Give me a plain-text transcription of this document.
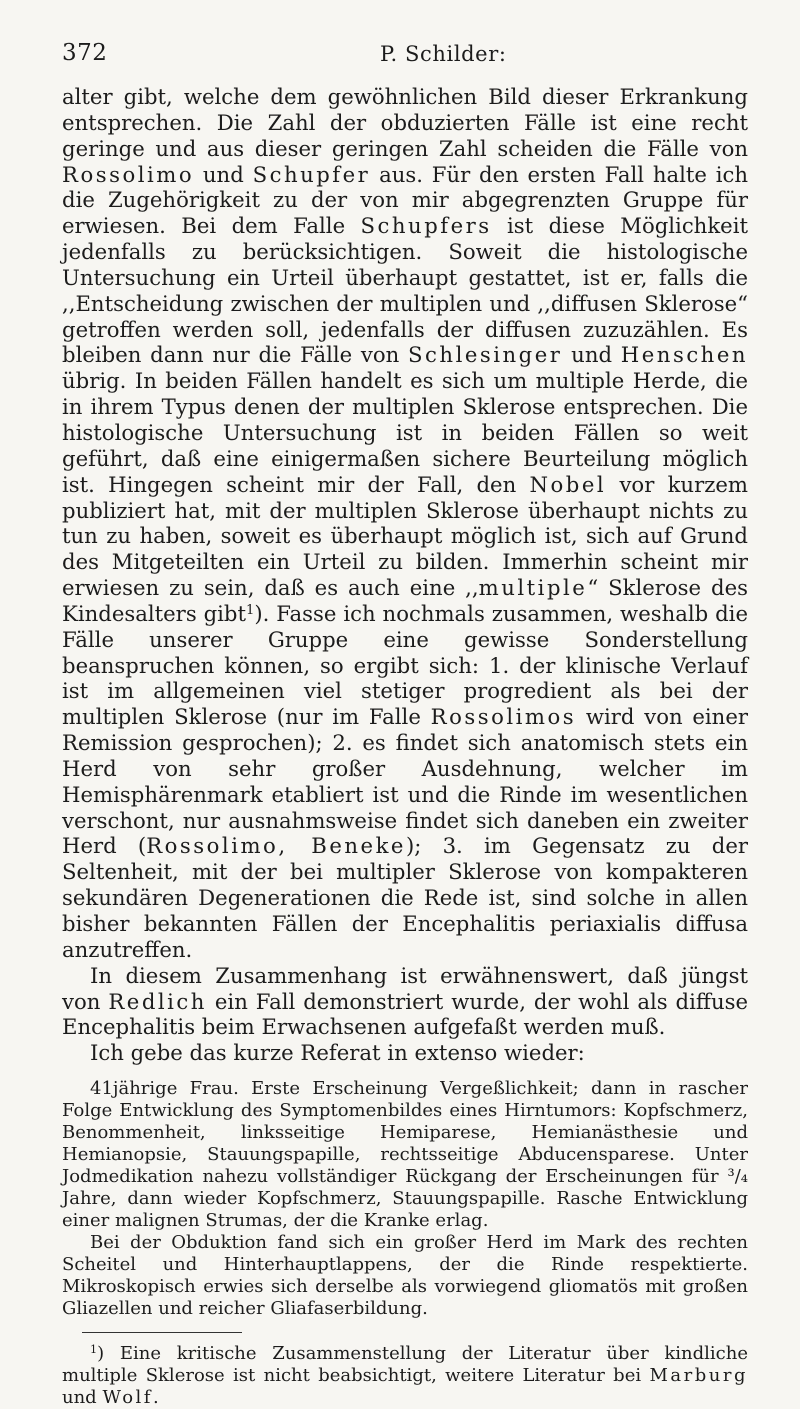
372	P. Schilder:

alter gibt, welche dem gewöhnlichen Bild dieser Erkrankung entsprechen. Die Zahl der obduzierten Fälle ist eine recht geringe und aus dieser geringen Zahl scheiden die Fälle von Rossolimo und Schupfer aus. Für den ersten Fall halte ich die Zugehörigkeit zu der von mir abgegrenzten Gruppe für erwiesen. Bei dem Falle Schupfers ist diese Möglichkeit jedenfalls zu berücksichtigen. Soweit die histologische Untersuchung ein Urteil überhaupt gestattet, ist er, falls die ,,Entscheidung zwischen der multiplen und ,,diffusen Sklerose“ getroffen werden soll, jedenfalls der diffusen zuzuzählen. Es bleiben dann nur die Fälle von Schlesinger und Henschen übrig. In beiden Fällen handelt es sich um multiple Herde, die in ihrem Typus denen der multiplen Sklerose entsprechen. Die histologische Untersuchung ist in beiden Fällen so weit geführt, daß eine einigermaßen sichere Beurteilung möglich ist. Hingegen scheint mir der Fall, den Nobel vor kurzem publiziert hat, mit der multiplen Sklerose überhaupt nichts zu tun zu haben, soweit es überhaupt möglich ist, sich auf Grund des Mitgeteilten ein Urteil zu bilden. Immerhin scheint mir erwiesen zu sein, daß es auch eine ,,multiple“ Sklerose des Kindesalters gibt$^1$). Fasse ich nochmals zusammen, weshalb die Fälle unserer Gruppe eine gewisse Sonderstellung beanspruchen können, so ergibt sich: 1. der klinische Verlauf ist im allgemeinen viel stetiger progredient als bei der multiplen Sklerose (nur im Falle Rossolimos wird von einer Remission gesprochen); 2. es findet sich anatomisch stets ein Herd von sehr großer Ausdehnung, welcher im Hemisphärenmark etabliert ist und die Rinde im wesentlichen verschont, nur ausnahmsweise findet sich daneben ein zweiter Herd (Rossolimo, Beneke); 3. im Gegensatz zu der Seltenheit, mit der bei multipler Sklerose von kompakteren sekundären Degenerationen die Rede ist, sind solche in allen bisher bekannten Fällen der Encephalitis periaxialis diffusa anzutreffen.

In diesem Zusammenhang ist erwähnenswert, daß jüngst von Redlich ein Fall demonstriert wurde, der wohl als diffuse Encephalitis beim Erwachsenen aufgefaßt werden muß.

Ich gebe das kurze Referat in extenso wieder:

41jährige Frau. Erste Erscheinung Vergeßlichkeit; dann in rascher Folge Entwicklung des Symptomenbildes eines Hirntumors: Kopfschmerz, Benommenheit, linksseitige Hemiparese, Hemianästhesie und Hemianopsie, Stauungspapille, rechtsseitige Abducensparese. Unter Jodmedikation nahezu vollständiger Rückgang der Erscheinungen für ³/₄ Jahre, dann wieder Kopfschmerz, Stauungspapille. Rasche Entwicklung einer malignen Strumas, der die Kranke erlag.

Bei der Obduktion fand sich ein großer Herd im Mark des rechten Scheitel und Hinterhauptlappens, der die Rinde respektierte. Mikroskopisch erwies sich derselbe als vorwiegend gliomatös mit großen Gliazellen und reicher Gliafaserbildung.

$^1$) Eine kritische Zusammenstellung der Literatur über kindliche multiple Sklerose ist nicht beabsichtigt, weitere Literatur bei Marburg und Wolf.
